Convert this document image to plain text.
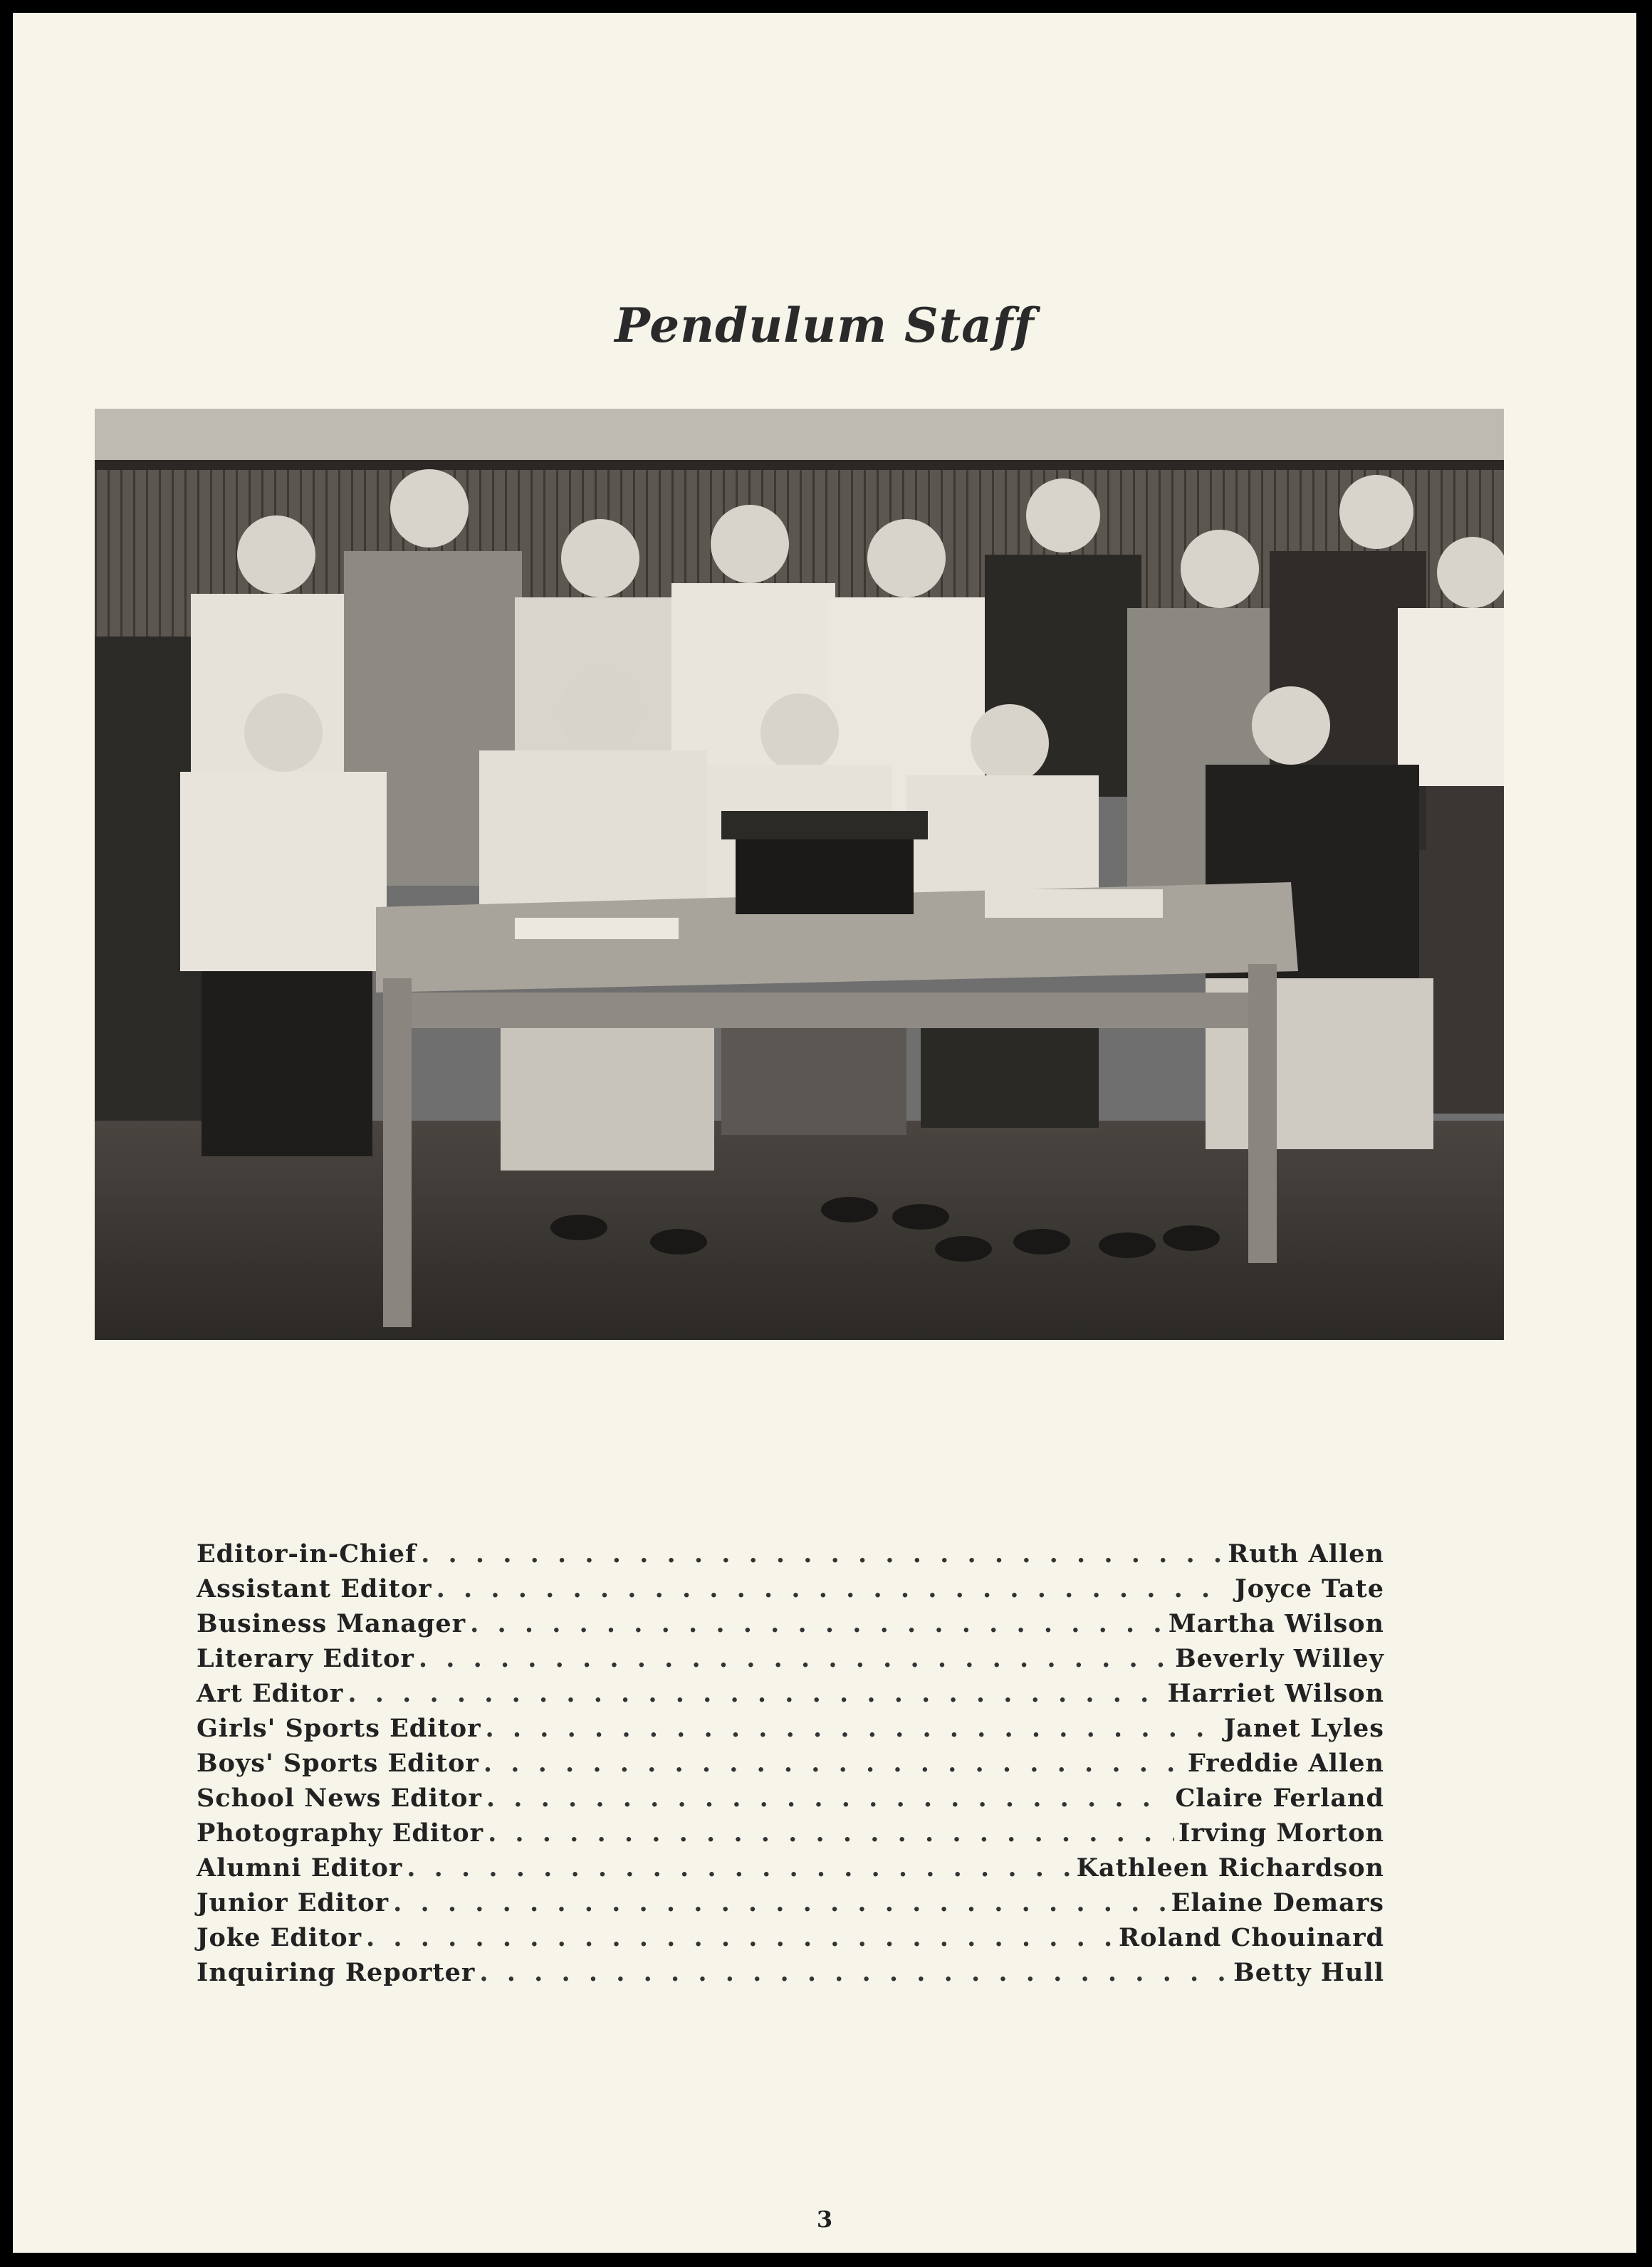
Pendulum Staff
Editor-in-Chief . . .	Ruth Allen
Assistant Editor . . .	Joyce Tate
Business Manager . . .	Martha Wilson
Literary Editor . . .	Beverly Willey
Art Editor . . .	Harriet Wilson
Girls' Sports Editor . . .	Janet Lyles
Boys' Sports Editor . . .	Freddie Allen
School News Editor . . .	Claire Ferland
Photography Editor . . .	Irving Morton
Alumni Editor . . .	Kathleen Richardson
Junior Editor . . .	Elaine Demars
Joke Editor . . .	Roland Chouinard
Inquiring Reporter . . .	Betty Hull
3
